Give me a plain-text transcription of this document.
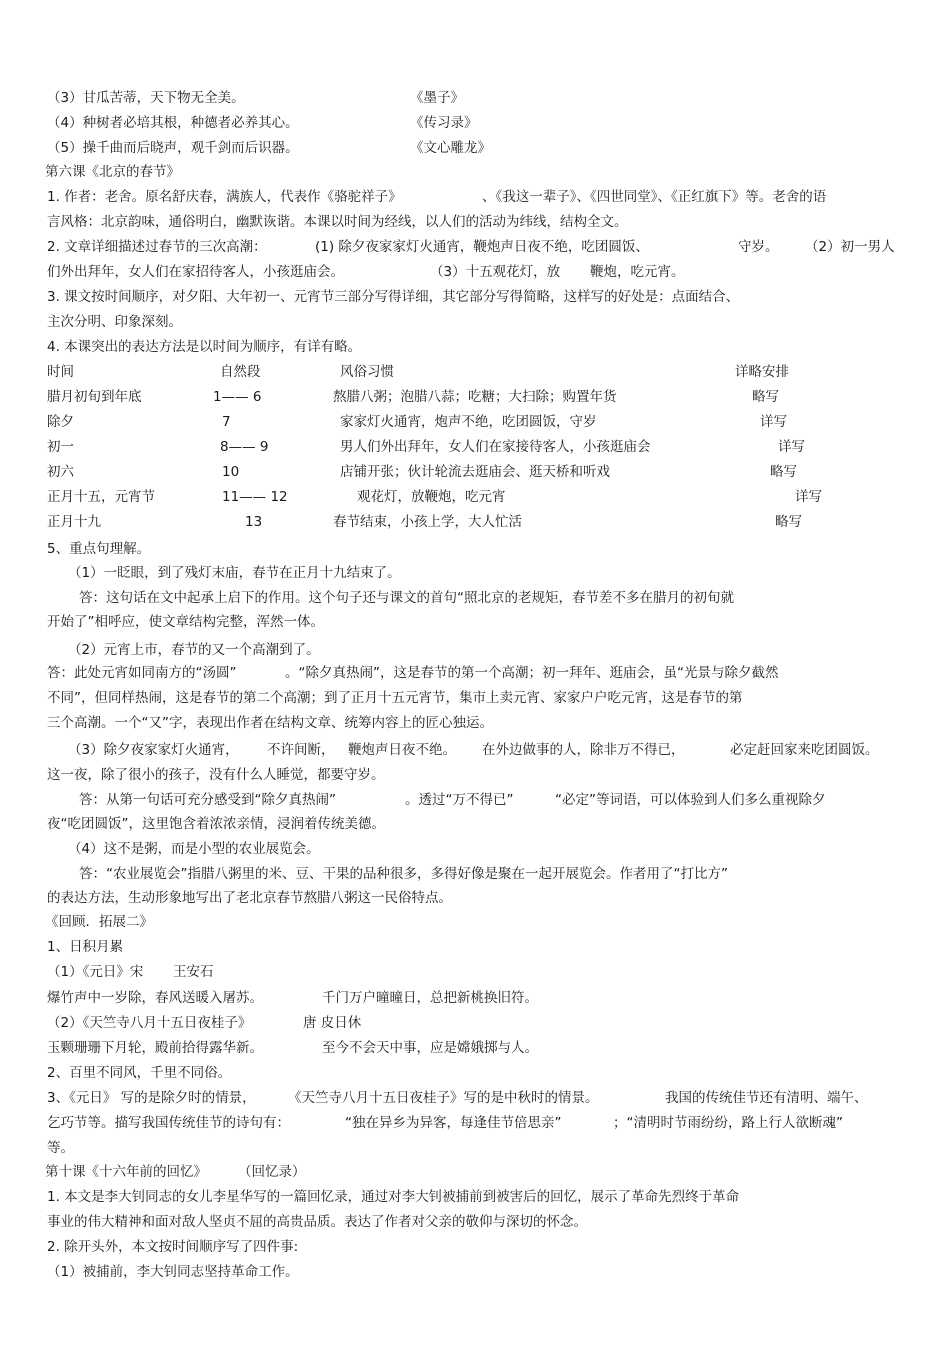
（3）甘瓜苦蒂，天下物无全美。	《墨子》
（4）种树者必培其根，种德者必养其心。	《传习录》
（5）操千曲而后晓声，观千剑而后识器。	《文心雕龙》
第六课《北京的春节》
1. 作者：老舍。原名舒庆春，满族人，代表作《骆驼祥子》	、《我这一辈子》、《四世同堂》、《正红旗下》等。老舍的语
言风格：北京韵味，通俗明白，幽默诙谐。本课以时间为经线，以人们的活动为纬线，结构全文。
2. 文章详细描述过春节的三次高潮：	(1) 除夕夜家家灯火通宵，鞭炮声日夜不绝，吃团圆饭、	守岁。 （2）初一男人
们外出拜年，女人们在家招待客人，小孩逛庙会。	（3）十五观花灯，放 鞭炮，吃元宵。
3. 课文按时间顺序，对夕阳、大年初一、元宵节三部分写得详细，其它部分写得简略，这样写的好处是：点面结合、
主次分明、印象深刻。
4. 本课突出的表达方法是以时间为顺序，有详有略。
时间	自然段	风俗习惯	详略安排
腊月初旬到年底	1—— 6	熬腊八粥；泡腊八蒜；吃糖；大扫除；购置年货	略写
除夕	7	家家灯火通宵，炮声不绝，吃团圆饭，守岁	详写
初一	8—— 9	男人们外出拜年，女人们在家接待客人，小孩逛庙会	详写
初六	10	店铺开张；伙计轮流去逛庙会、逛天桥和听戏	略写
正月十五，元宵节	11—— 12	观花灯，放鞭炮，吃元宵	详写
正月十九	13	春节结束，小孩上学，大人忙活	略写
5、重点句理解。
（1）一眨眼，到了残灯末庙，春节在正月十九结束了。
答：这句话在文中起承上启下的作用。这个句子还与课文的首句“照北京的老规矩，春节差不多在腊月的初旬就
开始了”相呼应，使文章结构完整，浑然一体。
（2）元宵上市，春节的又一个高潮到了。
答：此处元宵如同南方的“汤圆”	。“除夕真热闹”，这是春节的第一个高潮；初一拜年、逛庙会，虽“光景与除夕截然
不同”，但同样热闹，这是春节的第二个高潮；到了正月十五元宵节，集市上卖元宵、家家户户吃元宵，这是春节的第
三个高潮。一个“又”字，表现出作者在结构文章、统筹内容上的匠心独运。
（3）除夕夜家家灯火通宵， 不许间断， 鞭炮声日夜不绝。 在外边做事的人，除非万不得已，	必定赶回家来吃团圆饭。
这一夜，除了很小的孩子，没有什么人睡觉，都要守岁。
答：从第一句话可充分感受到“除夕真热闹”	。透过“万不得已”	“必定”等词语，可以体验到人们多么重视除夕
夜“吃团圆饭”，这里饱含着浓浓亲情，浸润着传统美德。
（4）这不是粥，而是小型的农业展览会。
答：“农业展览会”指腊八粥里的米、豆、干果的品种很多，多得好像是聚在一起开展览会。作者用了“打比方”
的表达方法，生动形象地写出了老北京春节熬腊八粥这一民俗特点。
《回顾．拓展二》
1、日积月累
（1）《元日》宋 王安石
爆竹声中一岁除，春风送暖入屠苏。	千门万户曈曈日，总把新桃换旧符。
（2）《天竺寺八月十五日夜桂子》	唐 皮日休
玉颗珊珊下月轮，殿前拾得露华新。	至今不会天中事，应是嫦娥掷与人。
2、百里不同风，千里不同俗。
3、《元日》 写的是除夕时的情景， 《天竺寺八月十五日夜桂子》写的是中秋时的情景。	我国的传统佳节还有清明、端午、
乞巧节等。描写我国传统佳节的诗句有：	“独在异乡为异客，每逢佳节倍思亲”	；“清明时节雨纷纷，路上行人欲断魂”
等。
第十课《十六年前的回忆》 （回忆录）
1. 本文是李大钊同志的女儿李星华写的一篇回忆录，通过对李大钊被捕前到被害后的回忆，展示了革命先烈终于革命
事业的伟大精神和面对敌人坚贞不屈的高贵品质。表达了作者对父亲的敬仰与深切的怀念。
2. 除开头外，本文按时间顺序写了四件事:
（1）被捕前，李大钊同志坚持革命工作。
